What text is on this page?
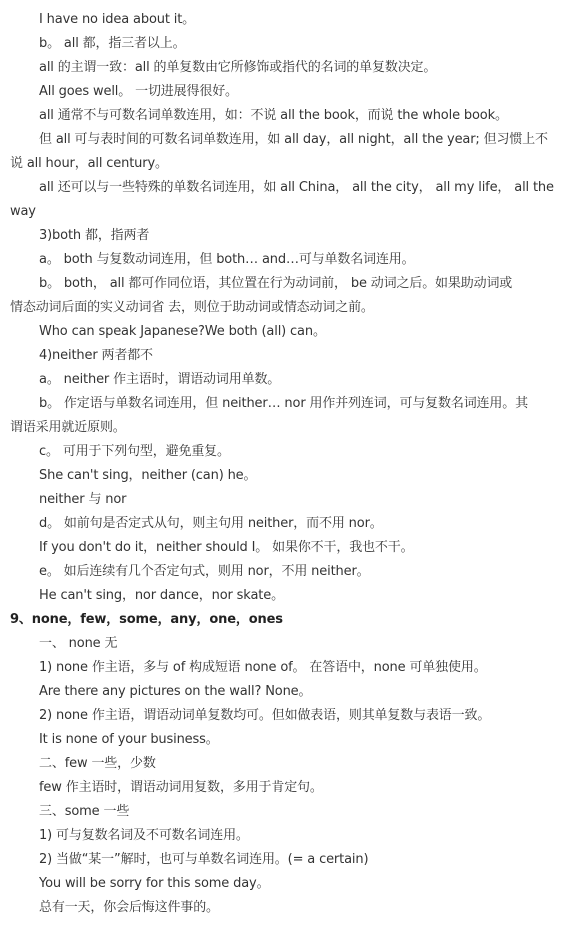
I have no idea about it。
b。 all 都，指三者以上。
all 的主谓一致：all 的单复数由它所修饰或指代的名词的单复数决定。
All goes well。 一切进展得很好。
all 通常不与可数名词单数连用，如：不说 all the book，而说 the whole book。
但 all 可与表时间的可数名词单数连用，如 all day，all night，all the year; 但习惯上不
说 all hour，all century。
all 还可以与一些特殊的单数名词连用，如 all China， all the city， all my life， all the
way
3)both 都，指两者
a。 both 与复数动词连用，但 both… and…可与单数名词连用。
b。 both， all 都可作同位语，其位置在行为动词前， be 动词之后。如果助动词或
情态动词后面的实义动词省 去，则位于助动词或情态动词之前。
Who can speak Japanese?We both (all) can。
4)neither 两者都不
a。 neither 作主语时，谓语动词用单数。
b。 作定语与单数名词连用，但 neither… nor 用作并列连词，可与复数名词连用。其
谓语采用就近原则。
c。 可用于下列句型，避免重复。
She can't sing，neither (can) he。
neither 与 nor
d。 如前句是否定式从句，则主句用 neither，而不用 nor。
If you don't do it，neither should I。 如果你不干，我也不干。
e。 如后连续有几个否定句式，则用 nor，不用 neither。
He can't sing，nor dance，nor skate。
9、none，few，some，any，one，ones
一、 none 无
1) none 作主语，多与 of 构成短语 none of。 在答语中，none 可单独使用。
Are there any pictures on the wall? None。
2) none 作主语，谓语动词单复数均可。但如做表语，则其单复数与表语一致。
It is none of your business。
二、few 一些，少数
few 作主语时，谓语动词用复数，多用于肯定句。
三、some 一些
1) 可与复数名词及不可数名词连用。
2) 当做“某一”解时，也可与单数名词连用。(= a certain)
You will be sorry for this some day。
总有一天，你会后悔这件事的。
